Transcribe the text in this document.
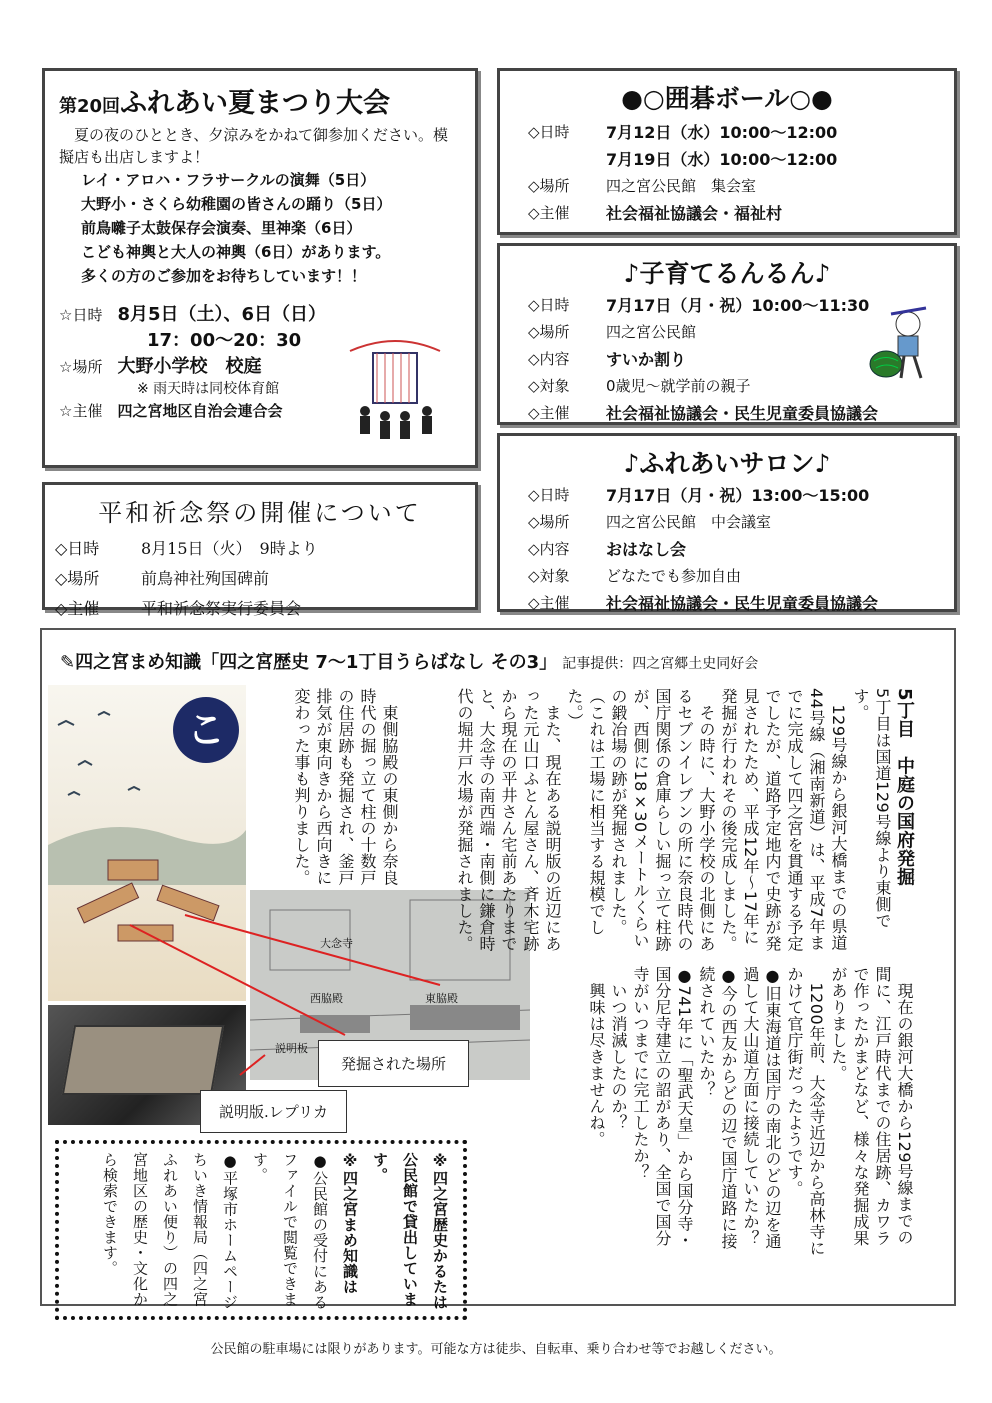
第20回ふれあい夏まつり大会

夏の夜のひととき、夕涼みをかねて御参加ください。模擬店も出店しますよ！

レイ・アロハ・フラサークルの演舞（5日）
大野小・さくら幼稚園の皆さんの踊り（5日）
前鳥囃子太鼓保存会演奏、里神楽（6日）
こども神輿と大人の神輿（6日）があります。
多くの方のご参加をお待ちしています！！
☆日時　 8月5日（土）、6日（日）
17：00～20：30
☆場所　 大野小学校　校庭
※ 雨天時は同校体育館
☆主催　 四之宮地区自治会連合会
平和祈念祭の開催について
◇日時	8月15日（火）　9時より
◇場所	前鳥神社殉国碑前
◇主催	平和祈念祭実行委員会
●○囲碁ボール○●
◇日時	7月12日（水）10:00～12:00
7月19日（水）10:00～12:00
◇場所	四之宮公民館　集会室
◇主催	社会福祉協議会・福祉村
♪子育てるんるん♪
◇日時	7月17日（月・祝）10:00～11:30
◇場所	四之宮公民館
◇内容	すいか割り
◇対象	0歳児～就学前の親子
◇主催	社会福祉協議会・民生児童委員協議会
♪ふれあいサロン♪
◇日時	7月17日（月・祝）13:00～15:00
◇場所	四之宮公民館　中会議室
◇内容	おはなし会
◇対象	どなたでも参加自由
◇主催	社会福祉協議会・民生児童委員協議会
✎四之宮まめ知識「四之宮歴史 7～1丁目うらばなし その3」 記事提供：四之宮郷土史同好会
こ
大念寺
西脇殿	東脇殿
説明板
発掘された場所
説明版.レプリカ

5丁目　中庭の国府発掘

5丁目は国道129号線より東側です。

　129号線から銀河大橋までの県道44号線（湘南新道）は、平成7年までに完成して四之宮を貫通する予定でしたが、道路予定地内で史跡が発見されたため、平成12年～17年に発掘が行われその後完成しました。

　その時に、大野小学校の北側にあるセブンイレブンの所に奈良時代の国庁関係の倉庫らしい掘っ立て柱跡が、西側に18×30メートルくらいの鍛冶場の跡が発掘されました。（これは工場に相当する規模でした。）

　また、現在ある説明版の近辺にあった元山口ふとん屋さん、斉木宅跡から現在の平井さん宅前あたりまでと、大念寺の南西端・南側に鎌倉時代の堀井戸水場が発掘されました。

　東側脇殿の東側から奈良時代の掘っ立て柱の十数戸の住居跡も発掘され、釜戸排気が東向きから西向きに変わった事も判りました。

　現在の銀河大橋から129号線までの間に、江戸時代までの住居跡、カワラで作ったかまどなど、様々な発掘成果がありました。

　1200年前、大念寺近辺から高林寺にかけて官庁街だったようです。

●旧東海道は国庁の南北のどの辺を通過して大山道方面に接続していたか？

●今の西友からどの辺で国庁道路に接続されていたか？

●741年に「聖武天皇」から国分寺・国分尼寺建立の詔があり、全国で国分寺がいつまでに完工したか？

　いつ消滅したのか？

　興味は尽きませんね。

※四之宮歴史かるたは公民館で貸出しています。

※四之宮まめ知識は

●公民館の受付にあるファイルで閲覧できます。

●平塚市ホームページちいき情報局（四之宮ふれあい便り）の四之宮地区の歴史・文化から検索できます。

公民館の駐車場には限りがあります。可能な方は徒歩、自転車、乗り合わせ等でお越しください。
